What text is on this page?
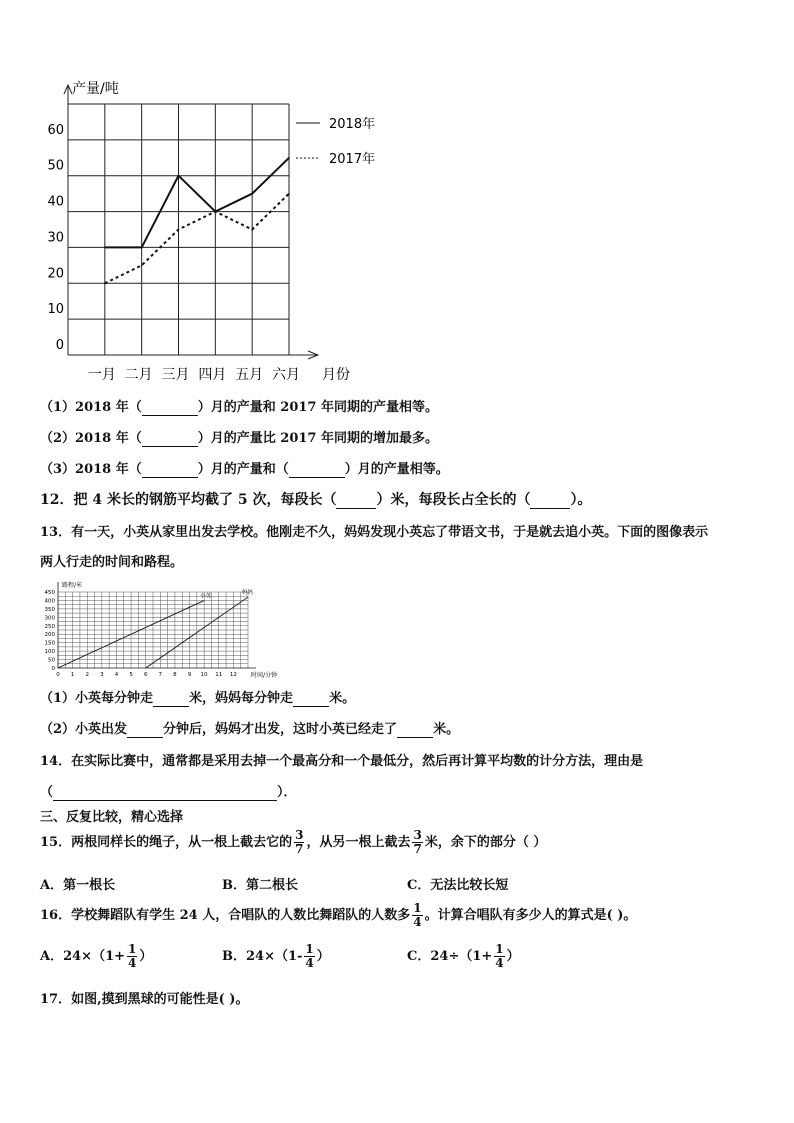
0
10
20
30
40
50
60
一月 二月 三月 四月 五月 六月
2018年
2017年
产量/吨
月份
（1）2018 年（	）月的产量和 2017 年同期的产量相等。
（2）2018 年（	）月的产量比 2017 年同期的增加最多。
（3）2018 年（	）月的产量和（	）月的产量相等。
12．把 4 米长的钢筋平均截了 5 次，每段长（	）米，每段长占全长的（	）。
13．有一天，小英从家里出发去学校。他刚走不久，妈妈发现小英忘了带语文书，于是就去追小英。下面的图像表示
两人行走的时间和路程。
0
50
100
150
200
250
300
350
400
450
0 1 2 3 4 5 6 7 8 9 10 11 12
小英
妈妈
路程/米
时间/分钟
（1）小英每分钟走	米，妈妈每分钟走	米。
（2）小英出发	分钟后，妈妈才出发，这时小英已经走了	米。
14．在实际比赛中，通常都是采用去掉一个最高分和一个最低分，然后再计算平均数的计分方法，理由是
（	）．
三、反复比较，精心选择
15．两根同样长的绳子，从一根上截去它的 $\frac{3}{7}$ ，从另一根上截去 $\frac{3}{7}$ 米，余下的部分（ ）
A．第一根长	B．第二根长	C．无法比较长短
16．学校舞蹈队有学生 24 人，合唱队的人数比舞蹈队的人数多 $\frac{1}{4}$ 。计算合唱队有多少人的算式是( )。
A．$24\times(1+ \frac{1}{4}$ ）	B．$24\times(1- \frac{1}{4}$ ）	C．$24\div(1+ \frac{1}{4}$ ）
17．如图,摸到黑球的可能性是( )。
